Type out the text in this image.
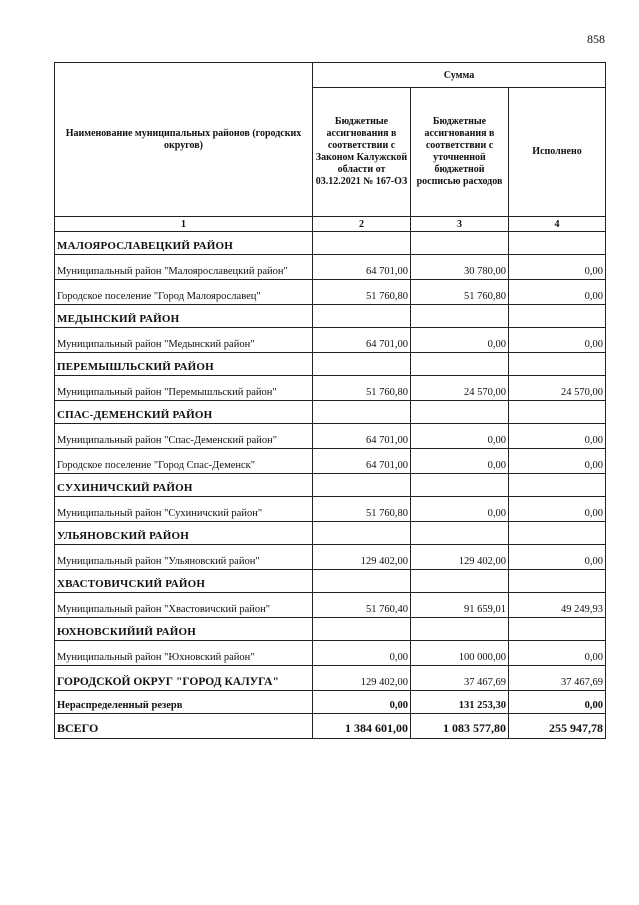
858
Наименование муниципальных районов (городских округов)	Сумма		
	Бюджетные ассигнования в соответствии с Законом Калужской области от 03.12.2021 № 167-ОЗ	Бюджетные ассигнования в соответствии с уточненной бюджетной росписью расходов	Исполнено
1	2	3	4
МАЛОЯРОСЛАВЕЦКИЙ РАЙОН			
Муниципальный район "Малоярославецкий район"	64 701,00	30 780,00	0,00
Городское поселение "Город Малоярославец"	51 760,80	51 760,80	0,00
МЕДЫНСКИЙ РАЙОН			
Муниципальный район "Медынский район"	64 701,00	0,00	0,00
ПЕРЕМЫШЛЬСКИЙ РАЙОН			
Муниципальный район "Перемышльский район"	51 760,80	24 570,00	24 570,00
СПАС-ДЕМЕНСКИЙ РАЙОН			
Муниципальный район "Спас-Деменский район"	64 701,00	0,00	0,00
Городское поселение "Город Спас-Деменск"	64 701,00	0,00	0,00
СУХИНИЧСКИЙ РАЙОН			
Муниципальный район "Сухиничский район"	51 760,80	0,00	0,00
УЛЬЯНОВСКИЙ РАЙОН			
Муниципальный район "Ульяновский район"	129 402,00	129 402,00	0,00
ХВАСТОВИЧСКИЙ РАЙОН			
Муниципальный район "Хвастовичский район"	51 760,40	91 659,01	49 249,93
ЮХНОВСКИЙИЙ РАЙОН			
Муниципальный район "Юхновский район"	0,00	100 000,00	0,00
ГОРОДСКОЙ ОКРУГ "ГОРОД КАЛУГА"	129 402,00	37 467,69	37 467,69
Нераспределенный резерв	0,00	131 253,30	0,00
ВСЕГО	1 384 601,00	1 083 577,80	255 947,78
